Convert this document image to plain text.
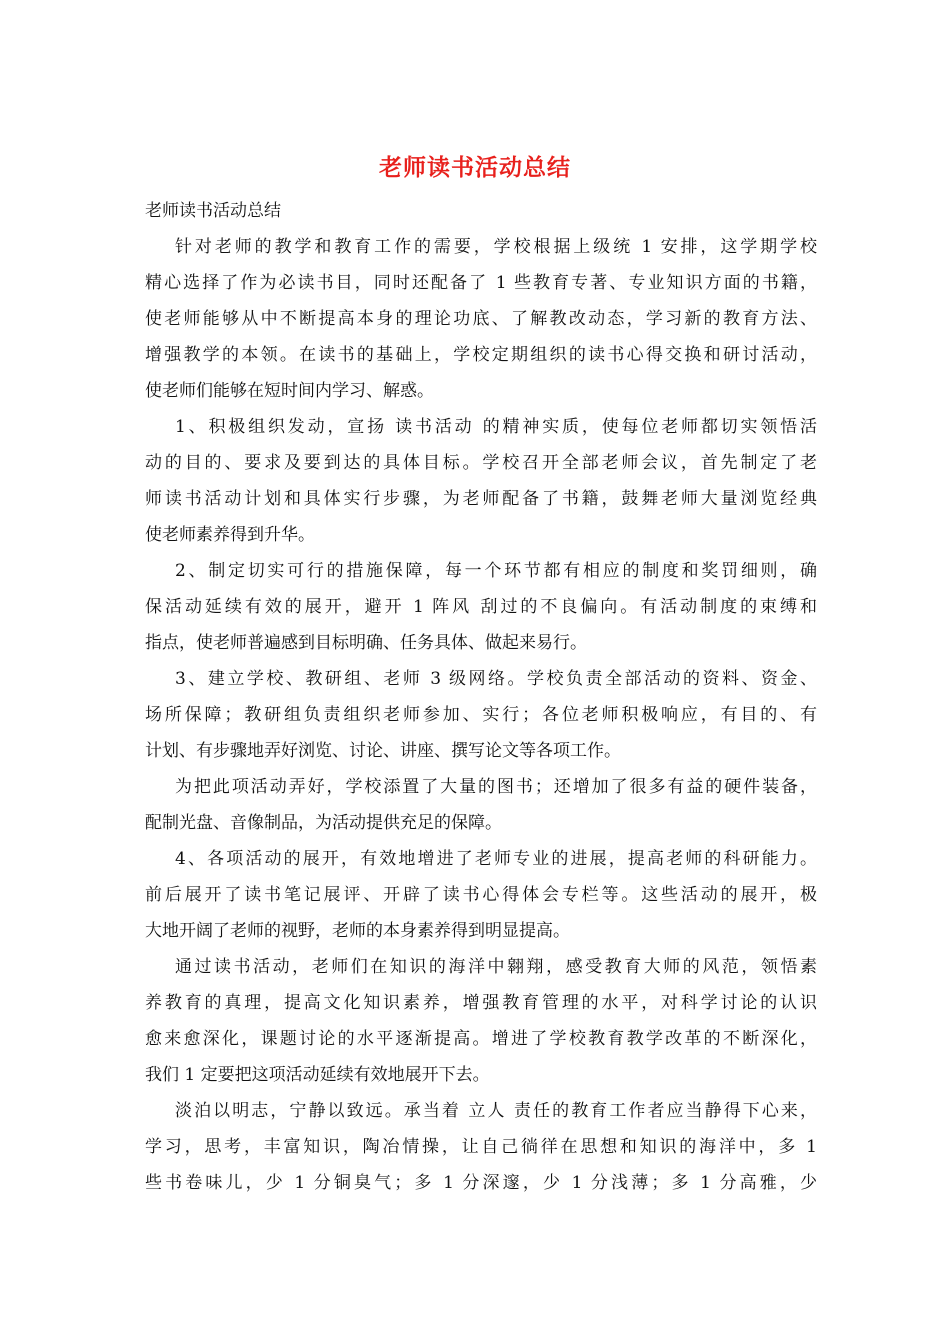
老师读书活动总结
老师读书活动总结
针对老师的教学和教育工作的需要，学校根据上级统 1 安排，这学期学校
精心选择了作为必读书目，同时还配备了 1 些教育专著、专业知识方面的书籍，
使老师能够从中不断提高本身的理论功底、了解教改动态，学习新的教育方法、
增强教学的本领。在读书的基础上，学校定期组织的读书心得交换和研讨活动，
使老师们能够在短时间内学习、解惑。
1、积极组织发动，宣扬 读书活动 的精神实质，使每位老师都切实领悟活
动的目的、要求及要到达的具体目标。学校召开全部老师会议，首先制定了老
师读书活动计划和具体实行步骤，为老师配备了书籍，鼓舞老师大量浏览经典
使老师素养得到升华。
2、制定切实可行的措施保障，每一个环节都有相应的制度和奖罚细则，确
保活动延续有效的展开，避开 1 阵风 刮过的不良偏向。有活动制度的束缚和
指点，使老师普遍感到目标明确、任务具体、做起来易行。
3、建立学校、教研组、老师 3 级网络。学校负责全部活动的资料、资金、
场所保障；教研组负责组织老师参加、实行；各位老师积极响应，有目的、有
计划、有步骤地弄好浏览、讨论、讲座、撰写论文等各项工作。
为把此项活动弄好，学校添置了大量的图书；还增加了很多有益的硬件装备，
配制光盘、音像制品，为活动提供充足的保障。
4、各项活动的展开，有效地增进了老师专业的进展，提高老师的科研能力。
前后展开了读书笔记展评、开辟了读书心得体会专栏等。这些活动的展开，极
大地开阔了老师的视野，老师的本身素养得到明显提高。
通过读书活动，老师们在知识的海洋中翱翔，感受教育大师的风范，领悟素
养教育的真理，提高文化知识素养，增强教育管理的水平，对科学讨论的认识
愈来愈深化，课题讨论的水平逐渐提高。增进了学校教育教学改革的不断深化，
我们 1 定要把这项活动延续有效地展开下去。
淡泊以明志，宁静以致远。承当着 立人 责任的教育工作者应当静得下心来，
学习，思考，丰富知识，陶冶情操，让自己徜徉在思想和知识的海洋中，多 1
些书卷味儿，少 1 分铜臭气；多 1 分深邃，少 1 分浅薄；多 1 分高雅，少
